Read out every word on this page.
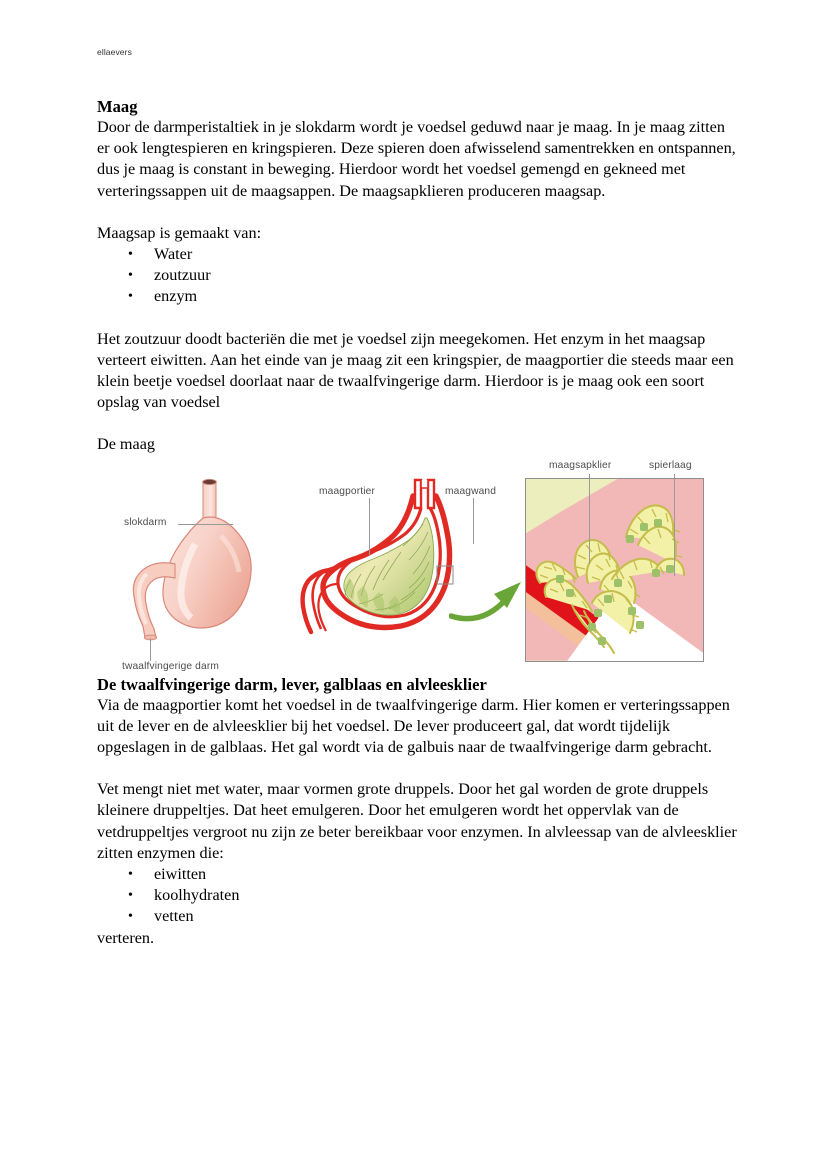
ellaevers
Maag

Door de darmperistaltiek in je slokdarm wordt je voedsel geduwd naar je maag. In je maag zitten er ook lengtespieren en kringspieren. Deze spieren doen afwisselend samentrekken en ontspannen, dus je maag is constant in beweging. Hierdoor wordt het voedsel gemengd en gekneed met verteringssappen uit de maagsappen. De maagsapklieren produceren maagsap.

Maagsap is gemaakt van:

• Water
• zoutzuur
• enzym

Het zoutzuur doodt bacteriën die met je voedsel zijn meegekomen. Het enzym in het maagsap verteert eiwitten. Aan het einde van je maag zit een kringspier, de maagportier die steeds maar een klein beetje voedsel doorlaat naar de twaalfvingerige darm. Hierdoor is je maag ook een soort opslag van voedsel

De maag

slokdarm
twaalfvingerige darm
maagportier	maagwand
maagsapklier	spierlaag
De twaalfvingerige darm, lever, galblaas en alvleesklier

Via de maagportier komt het voedsel in de twaalfvingerige darm. Hier komen er verteringssappen uit de lever en de alvleesklier bij het voedsel. De lever produceert gal, dat wordt tijdelijk opgeslagen in de galblaas. Het gal wordt via de galbuis naar de twaalfvingerige darm gebracht.

Vet mengt niet met water, maar vormen grote druppels. Door het gal worden de grote druppels kleinere druppeltjes. Dat heet emulgeren. Door het emulgeren wordt het oppervlak van de vetdruppeltjes vergroot nu zijn ze beter bereikbaar voor enzymen. In alvleessap van de alvleesklier zitten enzymen die:

• eiwitten
• koolhydraten
• vetten

verteren.
